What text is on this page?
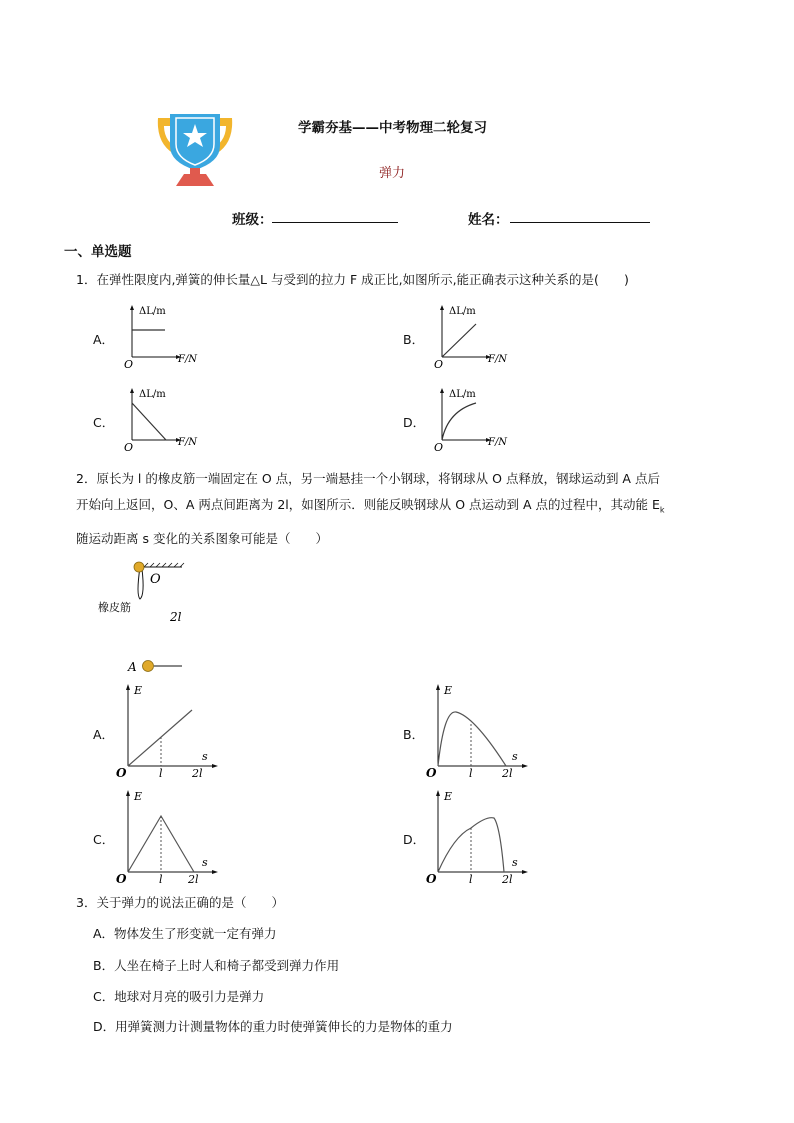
学霸夯基——中考物理二轮复习
弹力
班级：	姓名：
一、单选题
1．在弹性限度内,弹簧的伸长量△L 与受到的拉力 F 成正比,如图所示,能正确表示这种关系的是(　　)
A．	B．
C．	D．
ΔL/m
F/N
O
ΔL/m
F/N
O
ΔL/m
F/N
O
ΔL/m
F/N
O
2．原长为 l 的橡皮筋一端固定在 O 点，另一端悬挂一个小钢球，将钢球从 O 点释放，钢球运动到 A 点后
开始向上返回，O、A 两点间距离为 2l，如图所示．则能反映钢球从 O 点运动到 A 点的过程中，其动能 $E_k$
随运动距离 s 变化的关系图象可能是（　　）
O
橡皮筋
2l
A
A．	B．
C．	D．
E
s
O	l	2l
E
s
O	l	2l
E
s
O	l 2l
E
s
O	l	2l
3．关于弹力的说法正确的是（　　）
A．物体发生了形变就一定有弹力
B．人坐在椅子上时人和椅子都受到弹力作用
C．地球对月亮的吸引力是弹力
D．用弹簧测力计测量物体的重力时使弹簧伸长的力是物体的重力
